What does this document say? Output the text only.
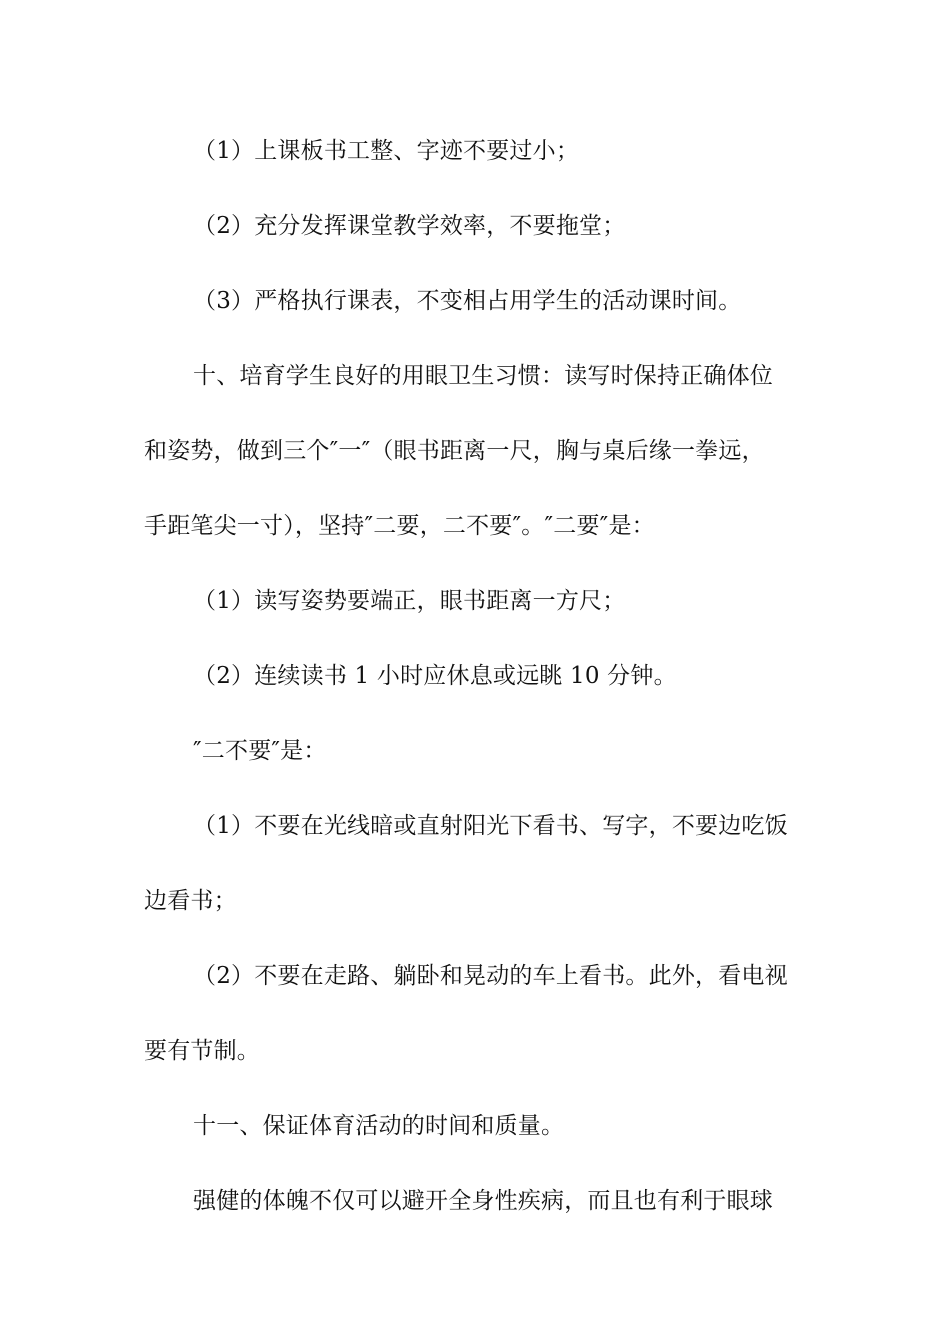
（1）上课板书工整、字迹不要过小；
（2）充分发挥课堂教学效率，不要拖堂；
（3）严格执行课表，不变相占用学生的活动课时间。
十、培育学生良好的用眼卫生习惯：读写时保持正确体位
和姿势，做到三个″一″（眼书距离一尺，胸与桌后缘一拳远，
手距笔尖一寸），坚持″二要，二不要″。″二要″是：
（1）读写姿势要端正，眼书距离一方尺；
（2）连续读书 1 小时应休息或远眺 10 分钟。
″二不要″是：
（1）不要在光线暗或直射阳光下看书、写字，不要边吃饭
边看书；
（2）不要在走路、躺卧和晃动的车上看书。此外，看电视
要有节制。
十一、保证体育活动的时间和质量。
强健的体魄不仅可以避开全身性疾病，而且也有利于眼球
